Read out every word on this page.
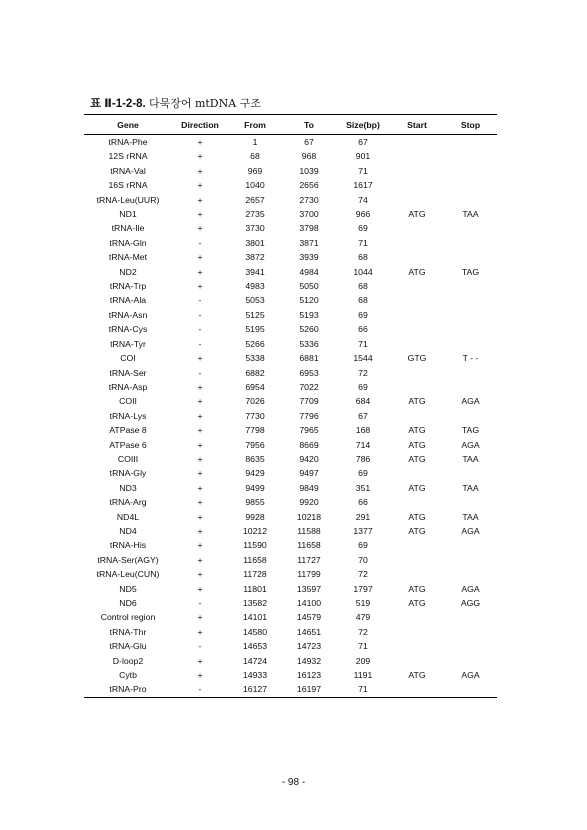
표 Ⅱ-1-2-8. 다묵장어 mtDNA 구조
Gene	Direction	From	To	Size(bp)	Start	Stop
tRNA-Phe	+	1	67	67		
12S rRNA	+	68	968	901		
tRNA-Val	+	969	1039	71		
16S rRNA	+	1040	2656	1617		
tRNA-Leu(UUR)	+	2657	2730	74		
ND1	+	2735	3700	966	ATG	TAA
tRNA-Ile	+	3730	3798	69		
tRNA-Gln	-	3801	3871	71		
tRNA-Met	+	3872	3939	68		
ND2	+	3941	4984	1044	ATG	TAG
tRNA-Trp	+	4983	5050	68		
tRNA-Ala	-	5053	5120	68		
tRNA-Asn	-	5125	5193	69		
tRNA-Cys	-	5195	5260	66		
tRNA-Tyr	-	5266	5336	71		
COI	+	5338	6881	1544	GTG	T - -
tRNA-Ser	-	6882	6953	72		
tRNA-Asp	+	6954	7022	69		
COII	+	7026	7709	684	ATG	AGA
tRNA-Lys	+	7730	7796	67		
ATPase 8	+	7798	7965	168	ATG	TAG
ATPase 6	+	7956	8669	714	ATG	AGA
COIII	+	8635	9420	786	ATG	TAA
tRNA-Gly	+	9429	9497	69		
ND3	+	9499	9849	351	ATG	TAA
tRNA-Arg	+	9855	9920	66		
ND4L	+	9928	10218	291	ATG	TAA
ND4	+	10212	11588	1377	ATG	AGA
tRNA-His	+	11590	11658	69		
tRNA-Ser(AGY)	+	11658	11727	70		
tRNA-Leu(CUN)	+	11728	11799	72		
ND5	+	11801	13597	1797	ATG	AGA
ND6	-	13582	14100	519	ATG	AGG
Control region	+	14101	14579	479		
tRNA-Thr	+	14580	14651	72		
tRNA-Glu	-	14653	14723	71		
D-loop2	+	14724	14932	209		
Cytb	+	14933	16123	1191	ATG	AGA
tRNA-Pro	-	16127	16197	71		
- 98 -
